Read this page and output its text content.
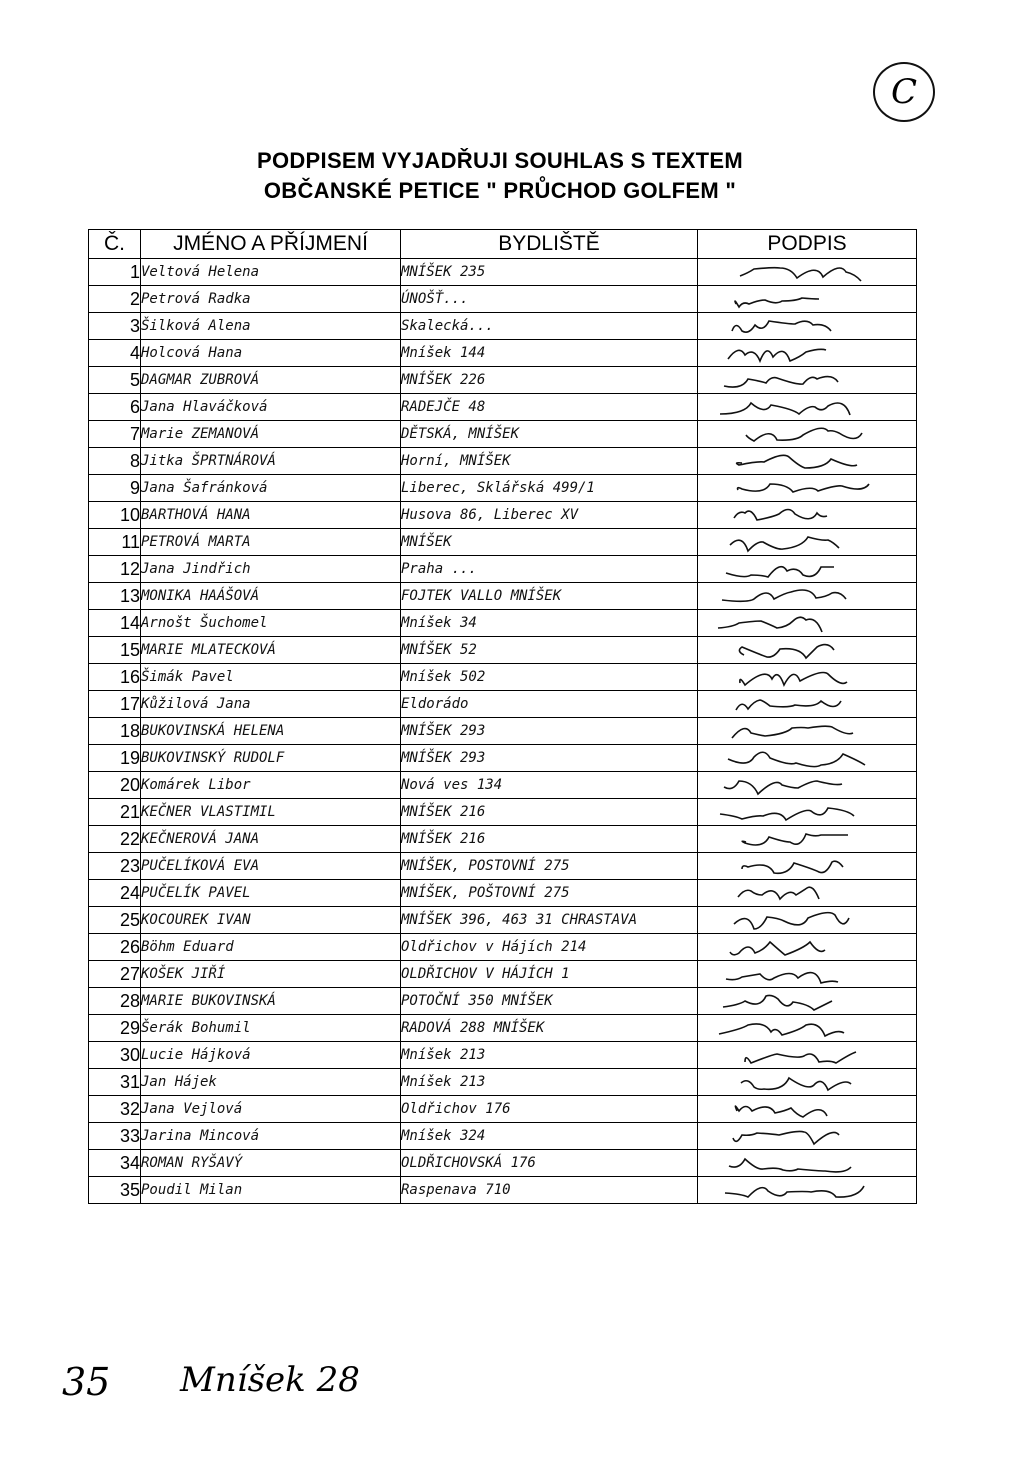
C
PODPISEM VYJADŘUJI SOUHLAS S TEXTEM
OBČANSKÉ PETICE " PRŮCHOD GOLFEM "
Č.	JMÉNO A PŘÍJMENÍ	BYDLIŠTĚ	PODPIS
1	Veltová Helena	MNÍŠEK 235	

2	Petrová Radka	ÚNOŠŤ...	

3	Šilková Alena	Skalecká...	

4	Holcová Hana	Mníšek 144	

5	DAGMAR ZUBROVÁ	MNÍŠEK 226	

6	Jana Hlaváčková	RADEJČE 48	

7	Marie ZEMANOVÁ	DĚTSKÁ, MNÍŠEK	

8	Jitka ŠPRTNÁROVÁ	Horní, MNÍŠEK	

9	Jana Šafránková	Liberec, Sklářská 499/1	

10	BARTHOVÁ HANA	Husova 86, Liberec XV	

11	PETROVÁ MARTA	MNÍŠEK	

12	Jana Jindřich	Praha ...	

13	MONIKA HAÁŠOVÁ	FOJTEK VALLO MNÍŠEK	

14	Arnošt Šuchomel	Mníšek 34	

15	MARIE MLATECKOVÁ	MNÍŠEK 52	

16	Šimák Pavel	Mníšek 502	

17	Kůžilová Jana	Eldorádo	

18	BUKOVINSKÁ HELENA	MNÍŠEK 293	

19	BUKOVINSKÝ RUDOLF	MNÍŠEK 293	

20	Komárek Libor	Nová ves 134	

21	KEČNER VLASTIMIL	MNÍŠEK 216	

22	KEČNEROVÁ JANA	MNÍŠEK 216	

23	PUČELÍKOVÁ EVA	MNÍŠEK, POSTOVNÍ 275	

24	PUČELÍK PAVEL	MNÍŠEK, POŠTOVNÍ 275	

25	KOCOUREK IVAN	MNÍŠEK 396, 463 31 CHRASTAVA	

26	Böhm Eduard	Oldřichov v Hájích 214	

27	KOŠEK JIŘÍ	OLDŘICHOV V HÁJÍCH 1	

28	MARIE BUKOVINSKÁ	POTOČNÍ 350 MNÍŠEK	

29	Šerák Bohumil	RADOVÁ 288 MNÍŠEK	

30	Lucie Hájková	Mníšek 213	

31	Jan Hájek	Mníšek 213	

32	Jana Vejlová	Oldřichov 176	

33	Jarina Mincová	Mníšek 324	

34	ROMAN RYŠAVÝ	OLDŘICHOVSKÁ 176	

35	Poudil Milan	Raspenava 710	
35 Mníšek 28
